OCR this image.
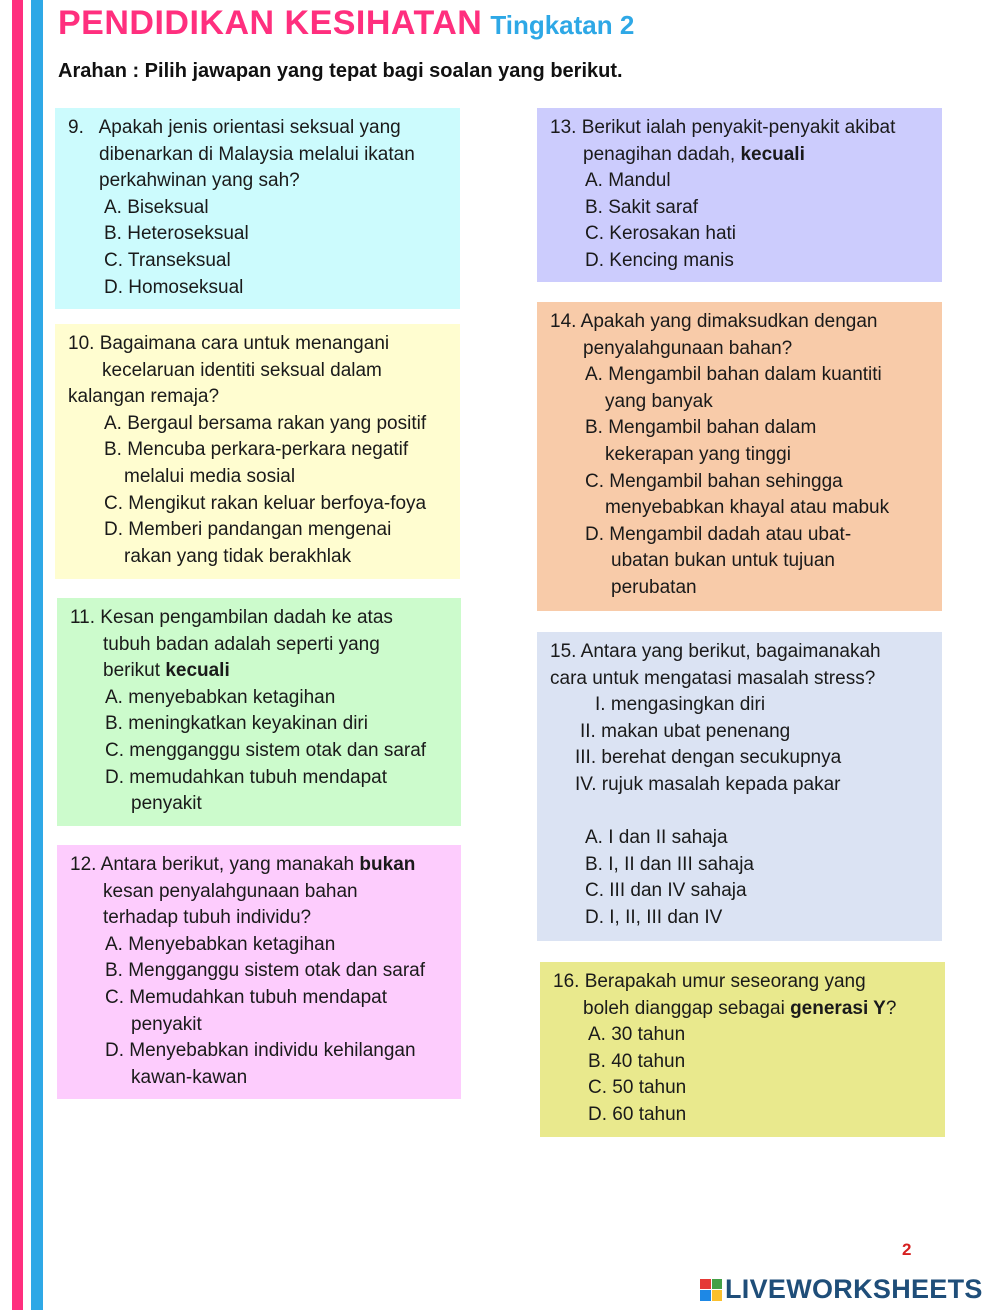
PENDIDIKAN KESIHATAN Tingkatan 2
Arahan : Pilih jawapan yang tepat bagi soalan yang berikut.

9.   Apakah jenis orientasi seksual yang

dibenarkan di Malaysia melalui ikatan

perkahwinan yang sah?

A. Biseksual

B. Heteroseksual

C. Transeksual

D. Homoseksual

10. Bagaimana cara untuk menangani

kecelaruan identiti seksual dalam

kalangan remaja?

A. Bergaul bersama rakan yang positif

B. Mencuba perkara-perkara negatif

melalui media sosial

C. Mengikut rakan keluar berfoya-foya

D. Memberi pandangan mengenai

rakan yang tidak berakhlak

11. Kesan pengambilan dadah ke atas

tubuh badan adalah seperti yang

berikut kecuali

A. menyebabkan ketagihan

B. meningkatkan keyakinan diri

C. mengganggu sistem otak dan saraf

D. memudahkan tubuh mendapat

penyakit

12. Antara berikut, yang manakah bukan

kesan penyalahgunaan bahan

terhadap tubuh individu?

A. Menyebabkan ketagihan

B. Mengganggu sistem otak dan saraf

C. Memudahkan tubuh mendapat

penyakit

D. Menyebabkan individu kehilangan

kawan-kawan

13. Berikut ialah penyakit-penyakit akibat

penagihan dadah, kecuali

A. Mandul

B. Sakit saraf

C. Kerosakan hati

D. Kencing manis

14. Apakah yang dimaksudkan dengan

penyalahgunaan bahan?

A. Mengambil bahan dalam kuantiti

yang banyak

B. Mengambil bahan dalam

kekerapan yang tinggi

C. Mengambil bahan sehingga

menyebabkan khayal atau mabuk

D. Mengambil dadah atau ubat-

ubatan bukan untuk tujuan

perubatan

15. Antara yang berikut, bagaimanakah

cara untuk mengatasi masalah stress?

I. mengasingkan diri

II. makan ubat penenang

III. berehat dengan secukupnya

IV. rujuk masalah kepada pakar

A. I dan II sahaja

B. I, II dan III sahaja

C. III dan IV sahaja

D. I, II, III dan IV

16. Berapakah umur seseorang yang

boleh dianggap sebagai generasi Y?

A. 30 tahun

B. 40 tahun

C. 50 tahun

D. 60 tahun

2
LIVEWORKSHEETS
